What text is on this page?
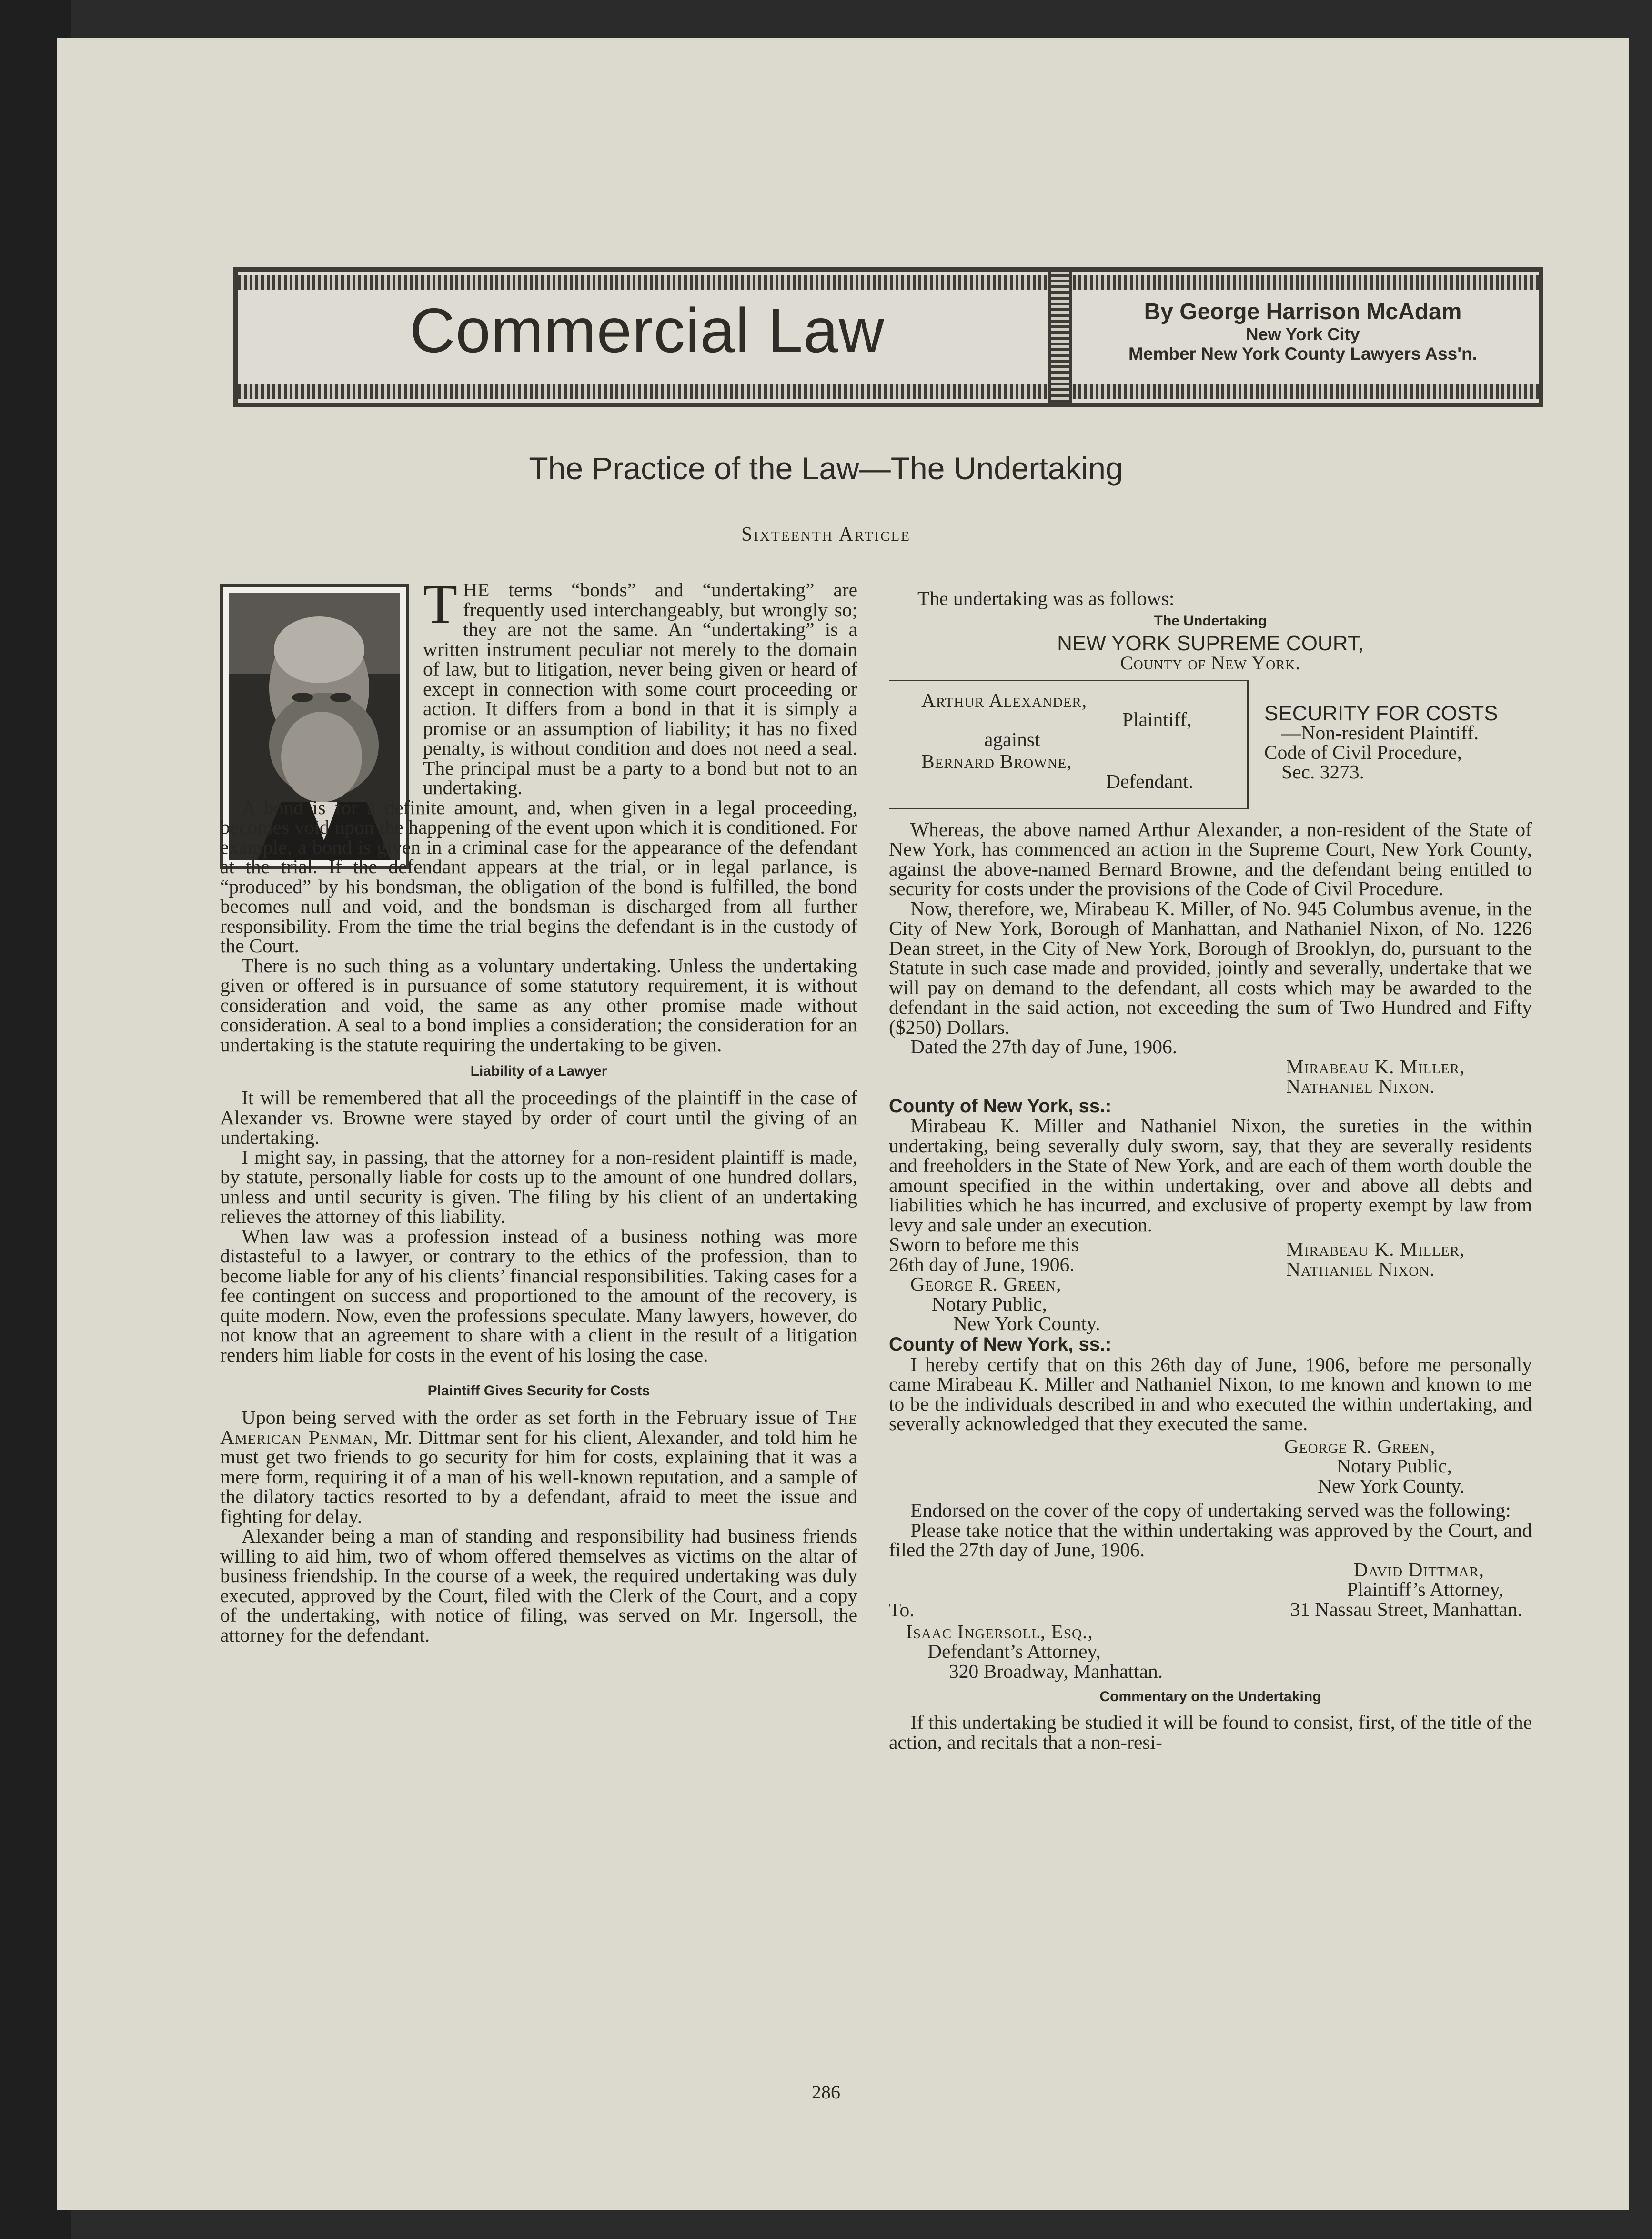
Commercial Law	By George Harrison McAdam
New York City
Member New York County Lawyers Ass'n.
The Practice of the Law—The Undertaking
Sixteenth Article
THE terms “bonds” and “undertaking” are frequently used interchangeably, but wrongly so; they are not the same. An “undertaking” is a written instrument peculiar not merely to the domain of law, but to litigation, never being given or heard of except in connection with some court proceeding or action. It differs from a bond in that it is simply a promise or an assumption of liability; it has no fixed penalty, is without condition and does not need a seal. The principal must be a party to a bond but not to an undertaking.

A bond is for a definite amount, and, when given in a legal proceeding, becomes void upon the happening of the event upon which it is conditioned. For example, a bond is given in a criminal case for the appearance of the defendant at the trial. If the defendant appears at the trial, or in legal parlance, is “produced” by his bondsman, the obligation of the bond is fulfilled, the bond becomes null and void, and the bondsman is discharged from all further responsibility. From the time the trial begins the defendant is in the custody of the Court.

There is no such thing as a voluntary undertaking. Unless the undertaking given or offered is in pursuance of some statutory requirement, it is without consideration and void, the same as any other promise made without consideration. A seal to a bond implies a consideration; the consideration for an undertaking is the statute requiring the undertaking to be given.

Liability of a Lawyer

It will be remembered that all the proceedings of the plaintiff in the case of Alexander vs. Browne were stayed by order of court until the giving of an undertaking.

I might say, in passing, that the attorney for a non-resident plaintiff is made, by statute, personally liable for costs up to the amount of one hundred dollars, unless and until security is given. The filing by his client of an undertaking relieves the attorney of this liability.

When law was a profession instead of a business nothing was more distasteful to a lawyer, or contrary to the ethics of the profession, than to become liable for any of his clients’ financial responsibilities. Taking cases for a fee contingent on success and proportioned to the amount of the recovery, is quite modern. Now, even the professions speculate. Many lawyers, however, do not know that an agreement to share with a client in the result of a litigation renders him liable for costs in the event of his losing the case.

Plaintiff Gives Security for Costs

Upon being served with the order as set forth in the February issue of The American Penman, Mr. Dittmar sent for his client, Alexander, and told him he must get two friends to go security for him for costs, explaining that it was a mere form, requiring it of a man of his well-known reputation, and a sample of the dilatory tactics resorted to by a defendant, afraid to meet the issue and fighting for delay.

Alexander being a man of standing and responsibility had business friends willing to aid him, two of whom offered themselves as victims on the altar of business friendship. In the course of a week, the required undertaking was duly executed, approved by the Court, filed with the Clerk of the Court, and a copy of the undertaking, with notice of filing, was served on Mr. Ingersoll, the attorney for the defendant.

The undertaking was as follows:

The Undertaking
NEW YORK SUPREME COURT,
County of New York.
Arthur Alexander,
Plaintiff,
against
Bernard Browne,
Defendant.
SECURITY FOR COSTS
—Non-resident Plaintiff.
Code of Civil Procedure,
Sec. 3273.

Whereas, the above named Arthur Alexander, a non-resident of the State of New York, has commenced an action in the Supreme Court, New York County, against the above-named Bernard Browne, and the defendant being entitled to security for costs under the provisions of the Code of Civil Procedure.

Now, therefore, we, Mirabeau K. Miller, of No. 945 Columbus avenue, in the City of New York, Borough of Manhattan, and Nathaniel Nixon, of No. 1226 Dean street, in the City of New York, Borough of Brooklyn, do, pursuant to the Statute in such case made and provided, jointly and severally, undertake that we will pay on demand to the defendant, all costs which may be awarded to the defendant in the said action, not exceeding the sum of Two Hundred and Fifty ($250) Dollars.

Dated the 27th day of June, 1906.

Mirabeau K. Miller,
Nathaniel Nixon.
County of New York, ss.:

Mirabeau K. Miller and Nathaniel Nixon, the sureties in the within undertaking, being severally duly sworn, say, that they are severally residents and freeholders in the State of New York, and are each of them worth double the amount specified in the within undertaking, over and above all debts and liabilities which he has incurred, and exclusive of property exempt by law from levy and sale under an execution.

Sworn to before me this
26th day of June, 1906.
George R. Green,
Notary Public,
New York County.
Mirabeau K. Miller,
Nathaniel Nixon.
County of New York, ss.:

I hereby certify that on this 26th day of June, 1906, before me personally came Mirabeau K. Miller and Nathaniel Nixon, to me known and known to me to be the individuals described in and who executed the within undertaking, and severally acknowledged that they executed the same.

George R. Green,
Notary Public,
New York County.

Endorsed on the cover of the copy of undertaking served was the following:

Please take notice that the within undertaking was approved by the Court, and filed the 27th day of June, 1906.

David Dittmar,
Plaintiff’s Attorney,
31 Nassau Street, Manhattan.
To.
Isaac Ingersoll, Esq.,
Defendant’s Attorney,
320 Broadway, Manhattan.
Commentary on the Undertaking

If this undertaking be studied it will be found to consist, first, of the title of the action, and recitals that a non-resi-

286
